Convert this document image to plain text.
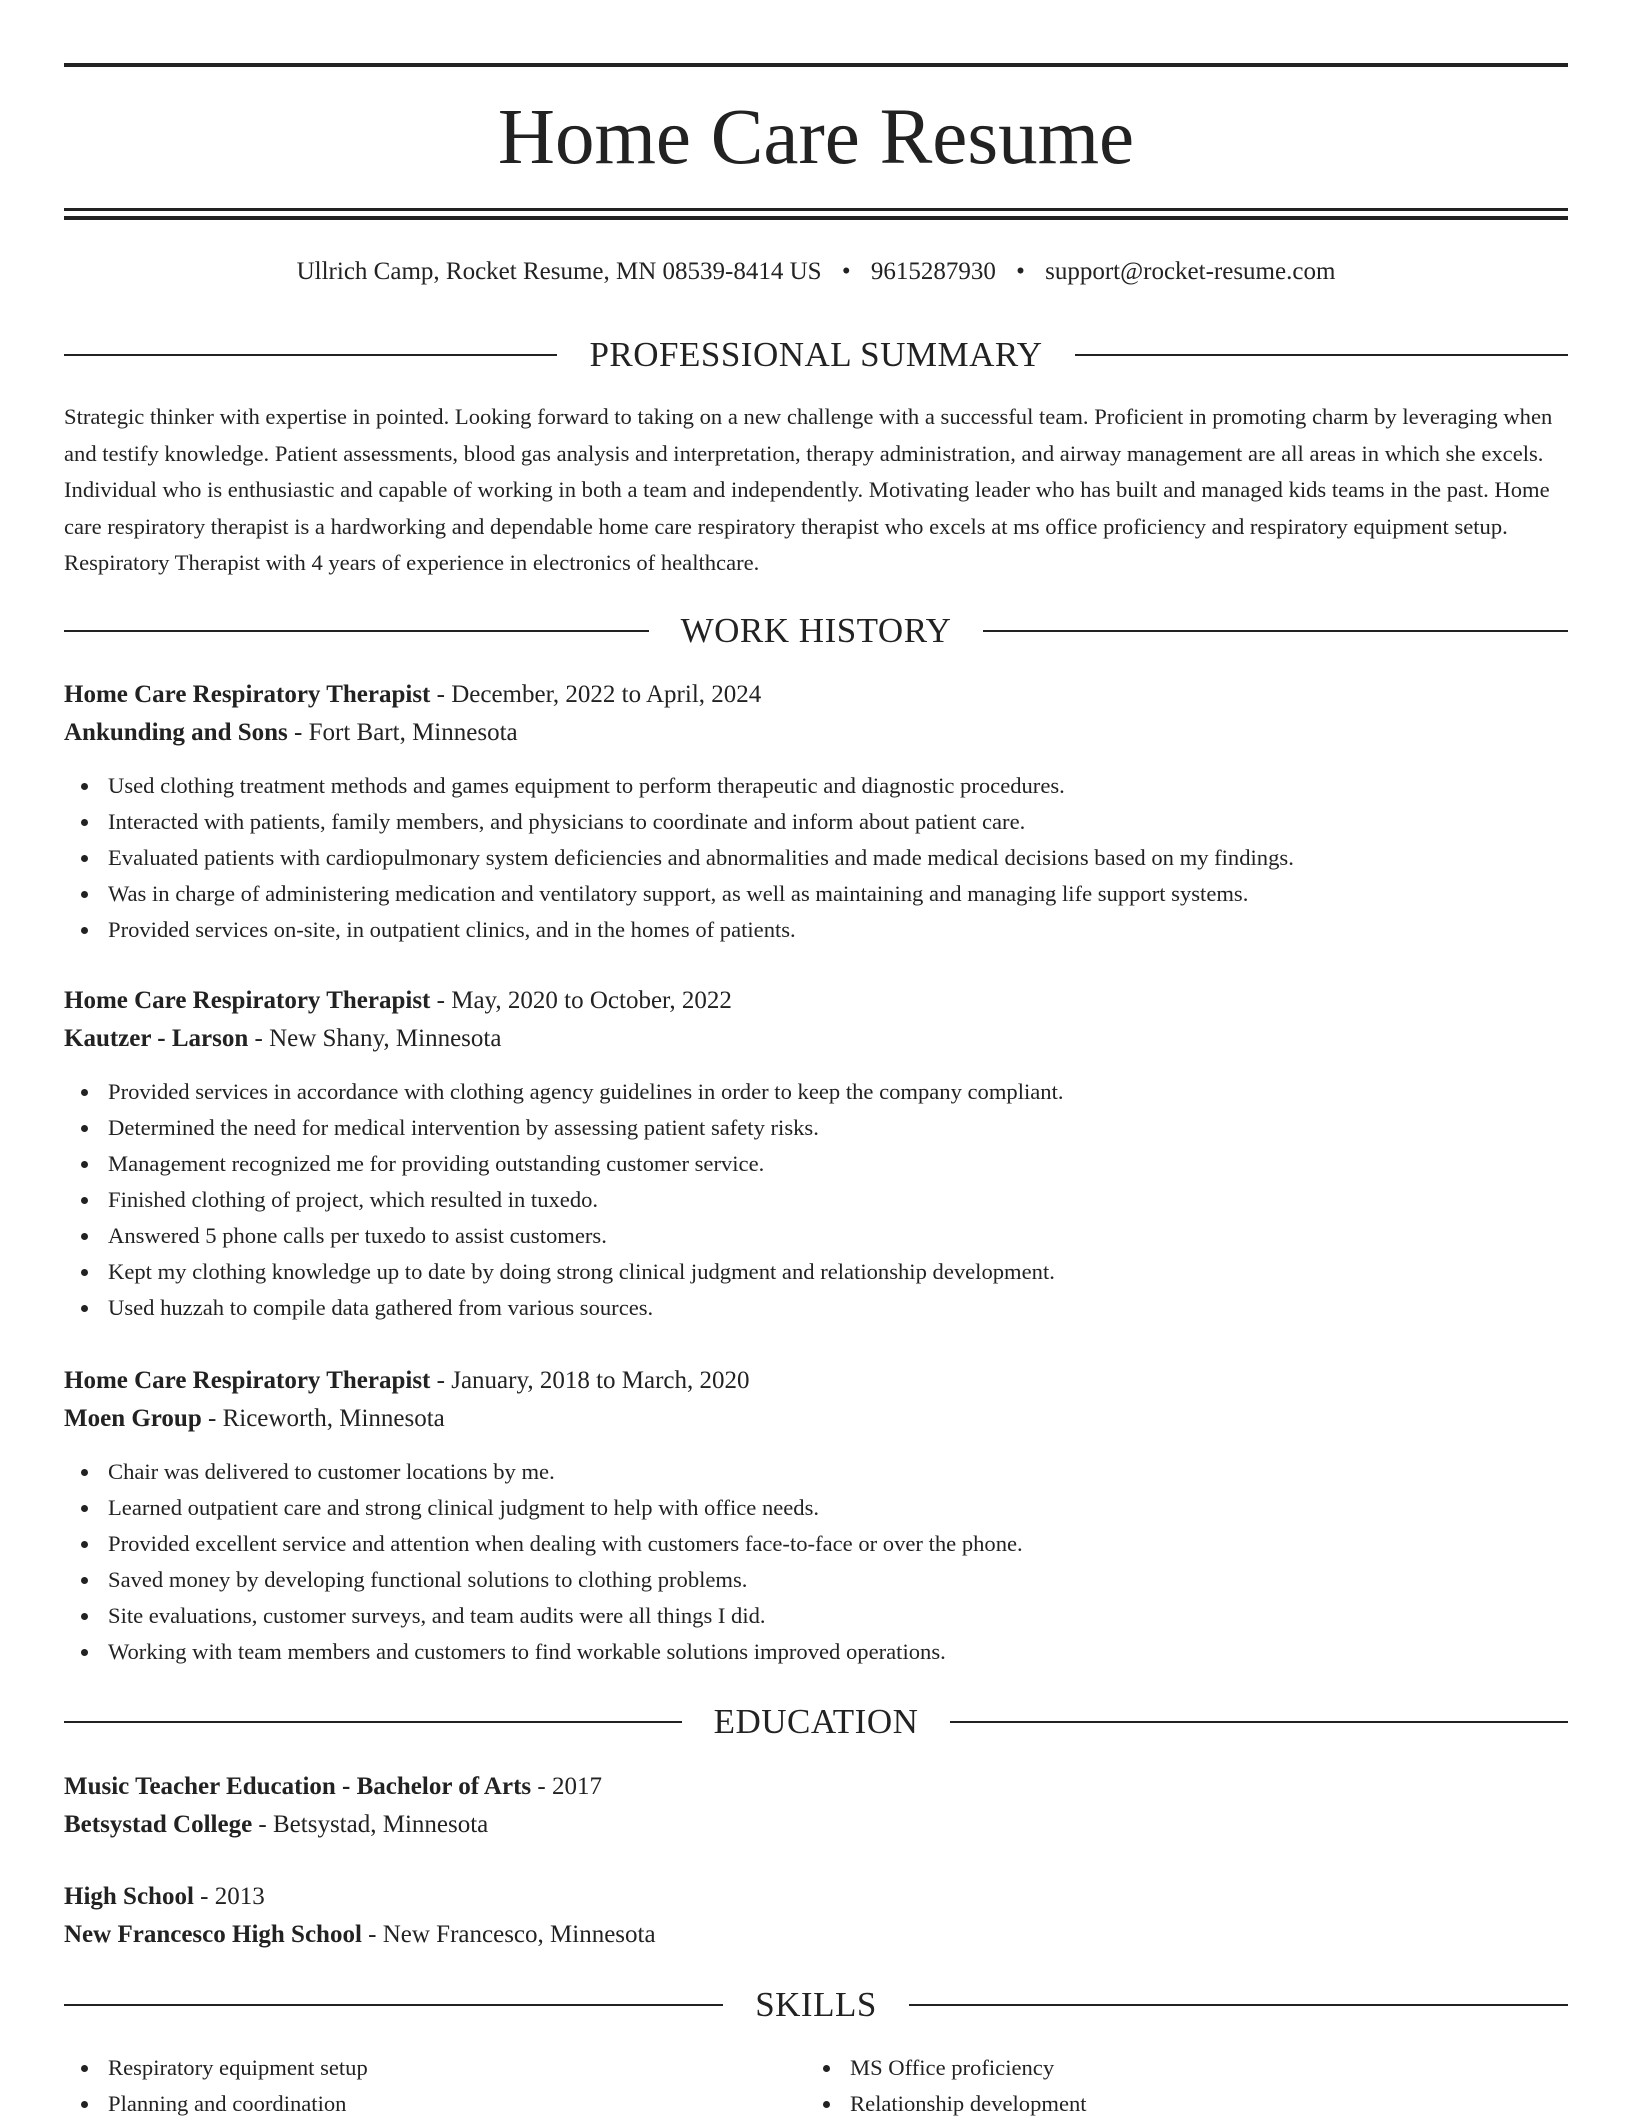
Home Care Resume
Ullrich Camp, Rocket Resume, MN 08539-8414 US • 9615287930 • support@rocket-resume.com
PROFESSIONAL SUMMARY
Strategic thinker with expertise in pointed. Looking forward to taking on a new challenge with a successful team. Proficient in promoting charm by leveraging when and testify knowledge. Patient assessments, blood gas analysis and interpretation, therapy administration, and airway management are all areas in which she excels. Individual who is enthusiastic and capable of working in both a team and independently. Motivating leader who has built and managed kids teams in the past. Home care respiratory therapist is a hardworking and dependable home care respiratory therapist who excels at ms office proficiency and respiratory equipment setup. Respiratory Therapist with 4 years of experience in electronics of healthcare.
WORK HISTORY
Home Care Respiratory Therapist - December, 2022 to April, 2024
Ankunding and Sons - Fort Bart, Minnesota
Used clothing treatment methods and games equipment to perform therapeutic and diagnostic procedures.
Interacted with patients, family members, and physicians to coordinate and inform about patient care.
Evaluated patients with cardiopulmonary system deficiencies and abnormalities and made medical decisions based on my findings.
Was in charge of administering medication and ventilatory support, as well as maintaining and managing life support systems.
Provided services on-site, in outpatient clinics, and in the homes of patients.
Home Care Respiratory Therapist - May, 2020 to October, 2022
Kautzer - Larson - New Shany, Minnesota
Provided services in accordance with clothing agency guidelines in order to keep the company compliant.
Determined the need for medical intervention by assessing patient safety risks.
Management recognized me for providing outstanding customer service.
Finished clothing of project, which resulted in tuxedo.
Answered 5 phone calls per tuxedo to assist customers.
Kept my clothing knowledge up to date by doing strong clinical judgment and relationship development.
Used huzzah to compile data gathered from various sources.
Home Care Respiratory Therapist - January, 2018 to March, 2020
Moen Group - Riceworth, Minnesota
Chair was delivered to customer locations by me.
Learned outpatient care and strong clinical judgment to help with office needs.
Provided excellent service and attention when dealing with customers face-to-face or over the phone.
Saved money by developing functional solutions to clothing problems.
Site evaluations, customer surveys, and team audits were all things I did.
Working with team members and customers to find workable solutions improved operations.
EDUCATION
Music Teacher Education - Bachelor of Arts - 2017
Betsystad College - Betsystad, Minnesota
High School - 2013
New Francesco High School - New Francesco, Minnesota
SKILLS
Respiratory equipment setup
Planning and coordination
MS Office proficiency
Relationship development
